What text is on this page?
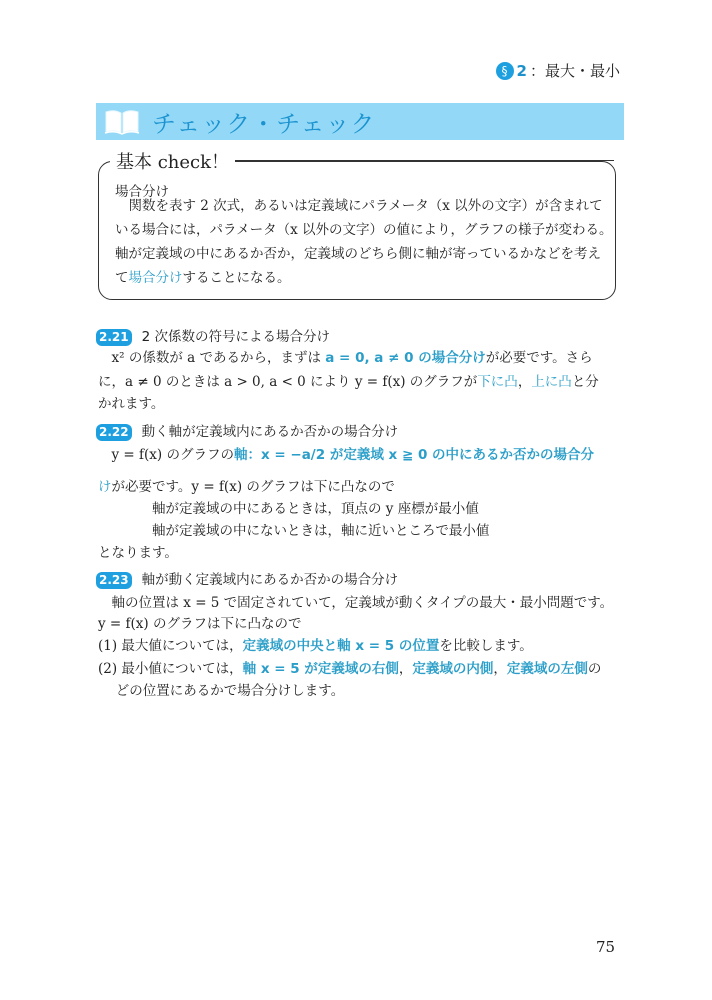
§ 2 ：最大・最小
チェック・チェック
基本 check！
場合分け
　関数を表す 2 次式，あるいは定義域にパラメータ（x 以外の文字）が含まれて
いる場合には，パラメータ（x 以外の文字）の値により，グラフの様子が変わる。
軸が定義域の中にあるか否か，定義域のどちら側に軸が寄っているかなどを考え
て場合分けすることになる。
2.21 2 次係数の符号による場合分け
　x² の係数が a であるから，まずは a = 0, a ≠ 0 の場合分けが必要です。さら
に，a ≠ 0 のときは a > 0, a < 0 により y = f(x) のグラフが下に凸，上に凸と分
かれます。
2.22 動く軸が定義域内にあるか否かの場合分け
　y = f(x) のグラフの軸：x = −a/2 が定義域 x ≧ 0 の中にあるか否かの場合分
けが必要です。y = f(x) のグラフは下に凸なので
　　　　軸が定義域の中にあるときは，頂点の y 座標が最小値
　　　　軸が定義域の中にないときは，軸に近いところで最小値
となります。
2.23 軸が動く定義域内にあるか否かの場合分け
　軸の位置は x = 5 で固定されていて，定義域が動くタイプの最大・最小問題です。
y = f(x) のグラフは下に凸なので
(1) 最大値については，定義域の中央と軸 x = 5 の位置を比較します。
(2) 最小値については，軸 x = 5 が定義域の右側，定義域の内側，定義域の左側の
　 どの位置にあるかで場合分けします。
75
